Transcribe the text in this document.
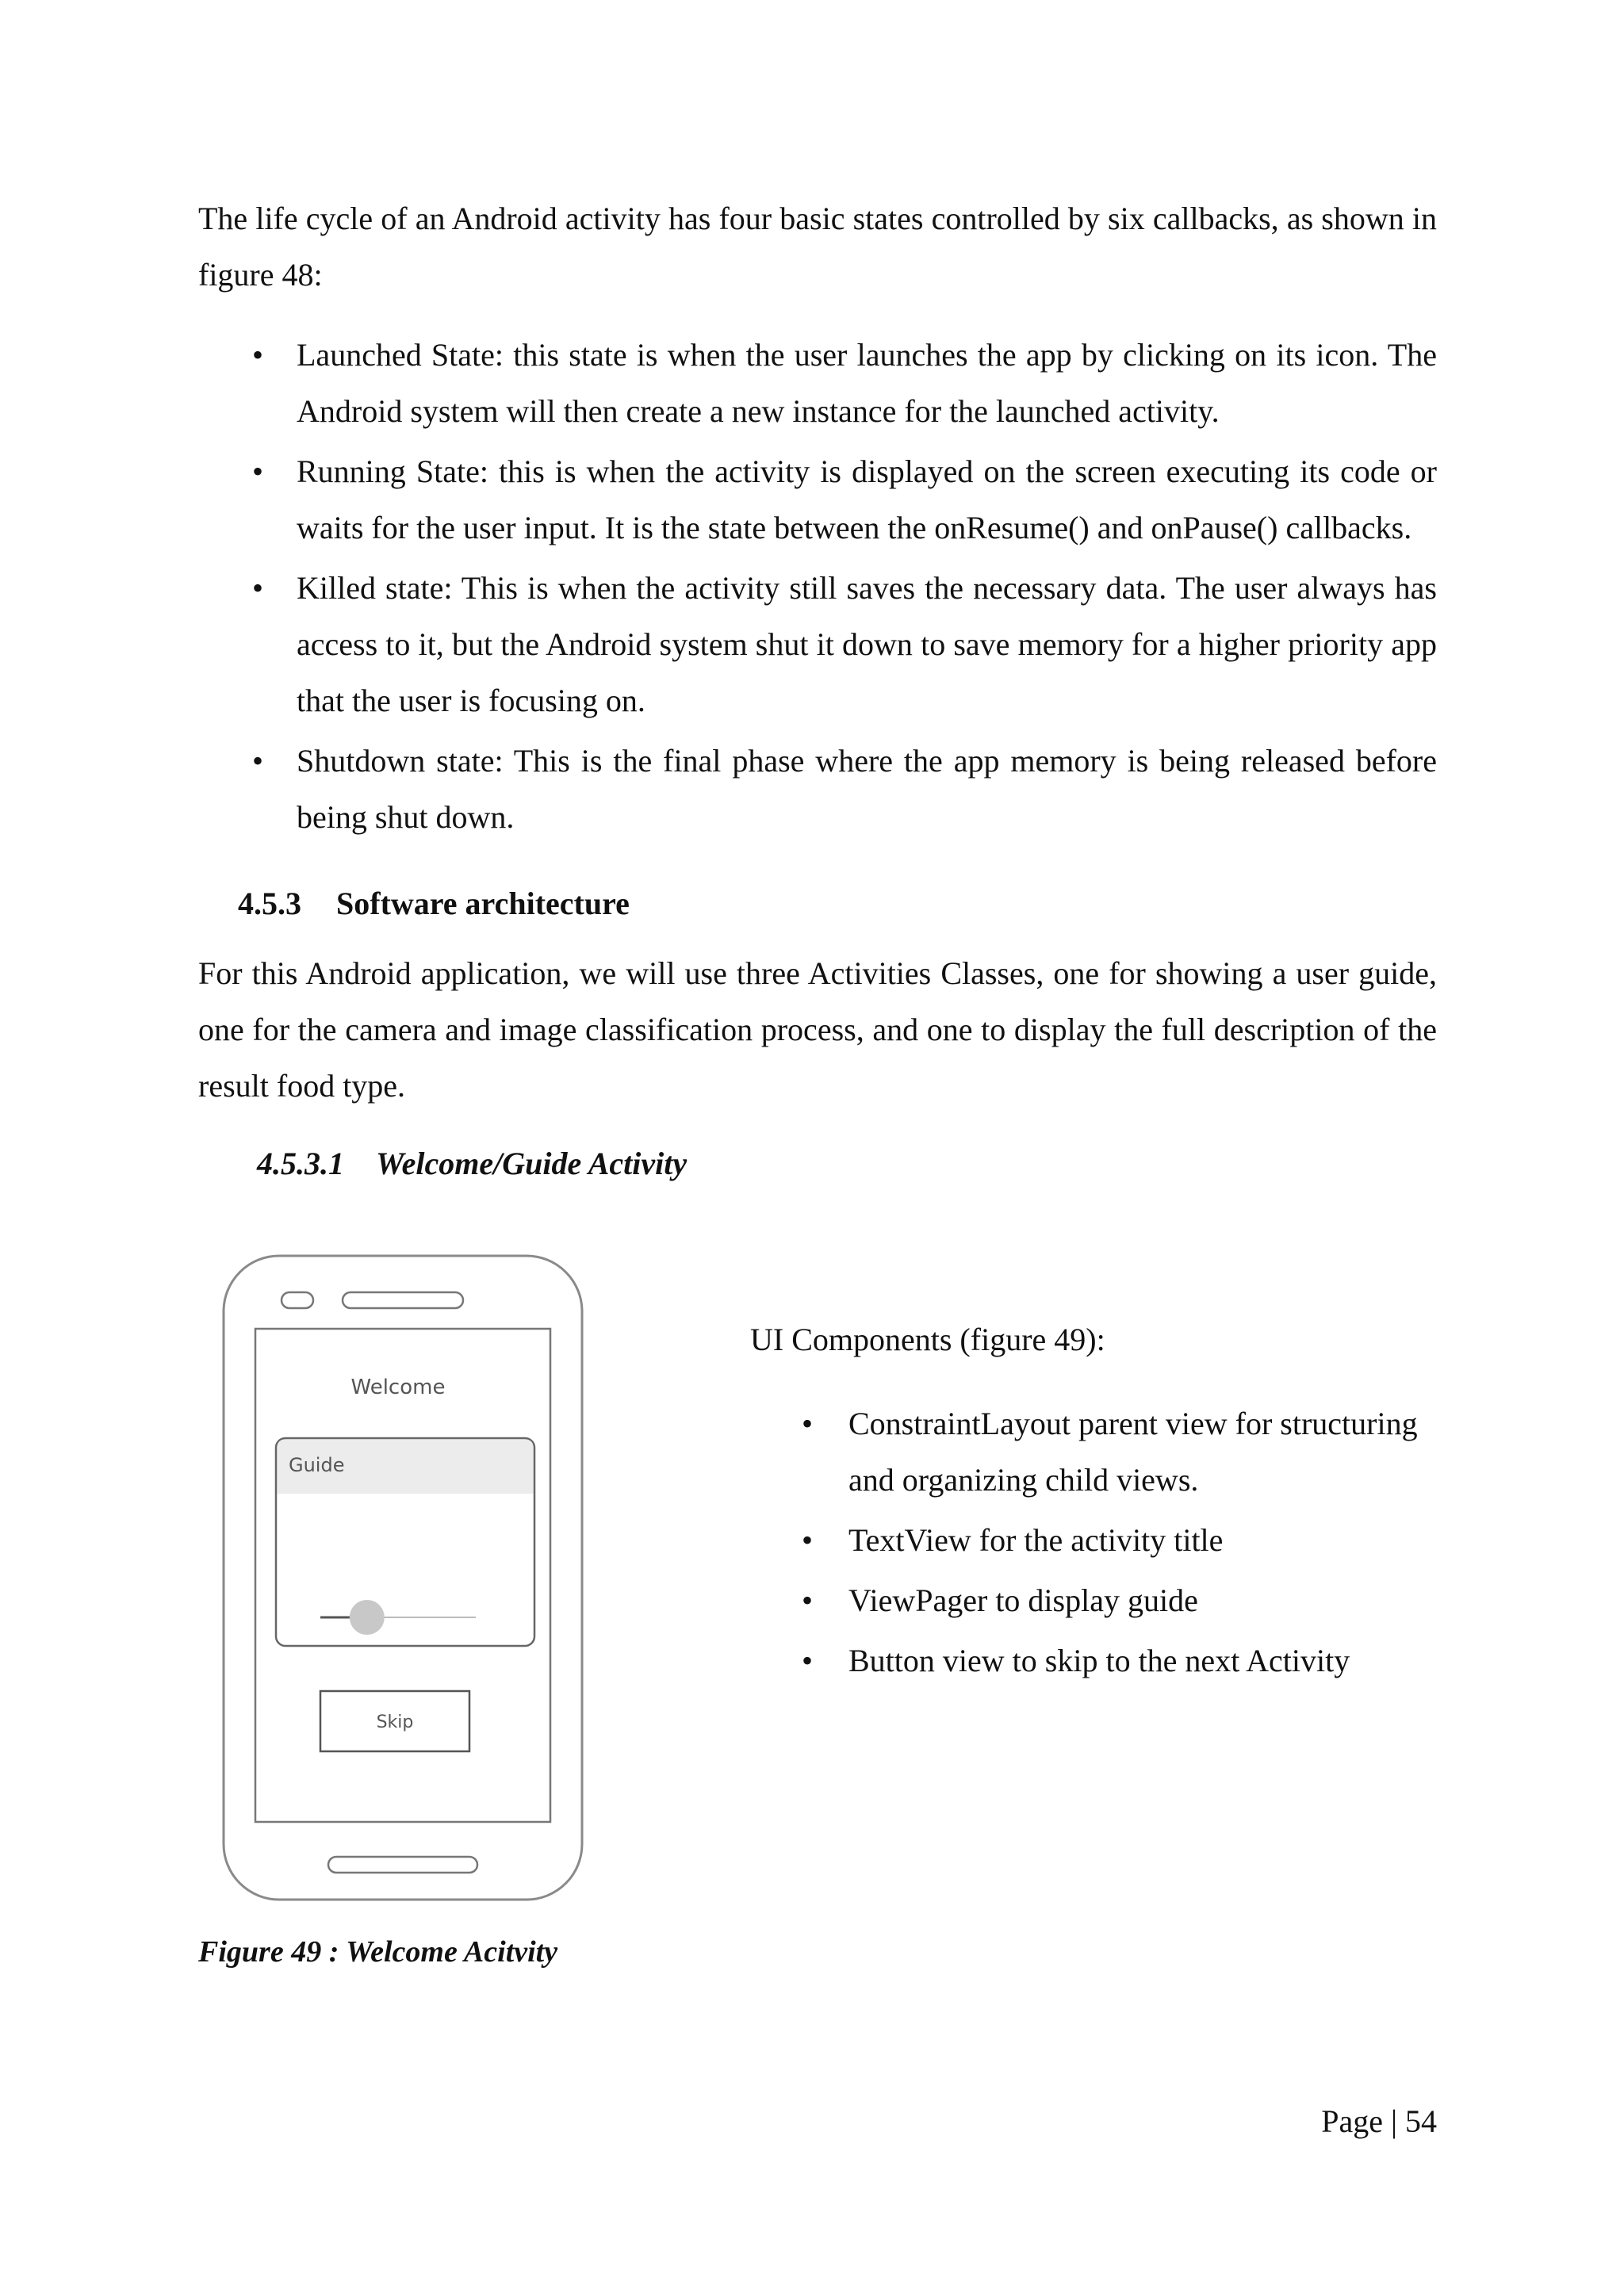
The life cycle of an Android activity has four basic states controlled by six callbacks, as shown in figure 48:

• Launched State: this state is when the user launches the app by clicking on its icon. The Android system will then create a new instance for the launched activity.
• Running State: this is when the activity is displayed on the screen executing its code or waits for the user input. It is the state between the onResume() and onPause() callbacks.
• Killed state: This is when the activity still saves the necessary data. The user always has access to it, but the Android system shut it down to save memory for a higher priority app that the user is focusing on.
• Shutdown state: This is the final phase where the app memory is being released before being shut down.
4.5.3 Software architecture

For this Android application, we will use three Activities Classes, one for showing a user guide, one for the camera and image classification process, and one to display the full description of the result food type.

4.5.3.1 Welcome/Guide Activity
Welcome
Guide
Skip

UI Components (figure 49):

• ConstraintLayout parent view for structuring and organizing child views.
• TextView for the activity title
• ViewPager to display guide
• Button view to skip to the next Activity

Figure 49 : Welcome Acitvity

Page | 54
